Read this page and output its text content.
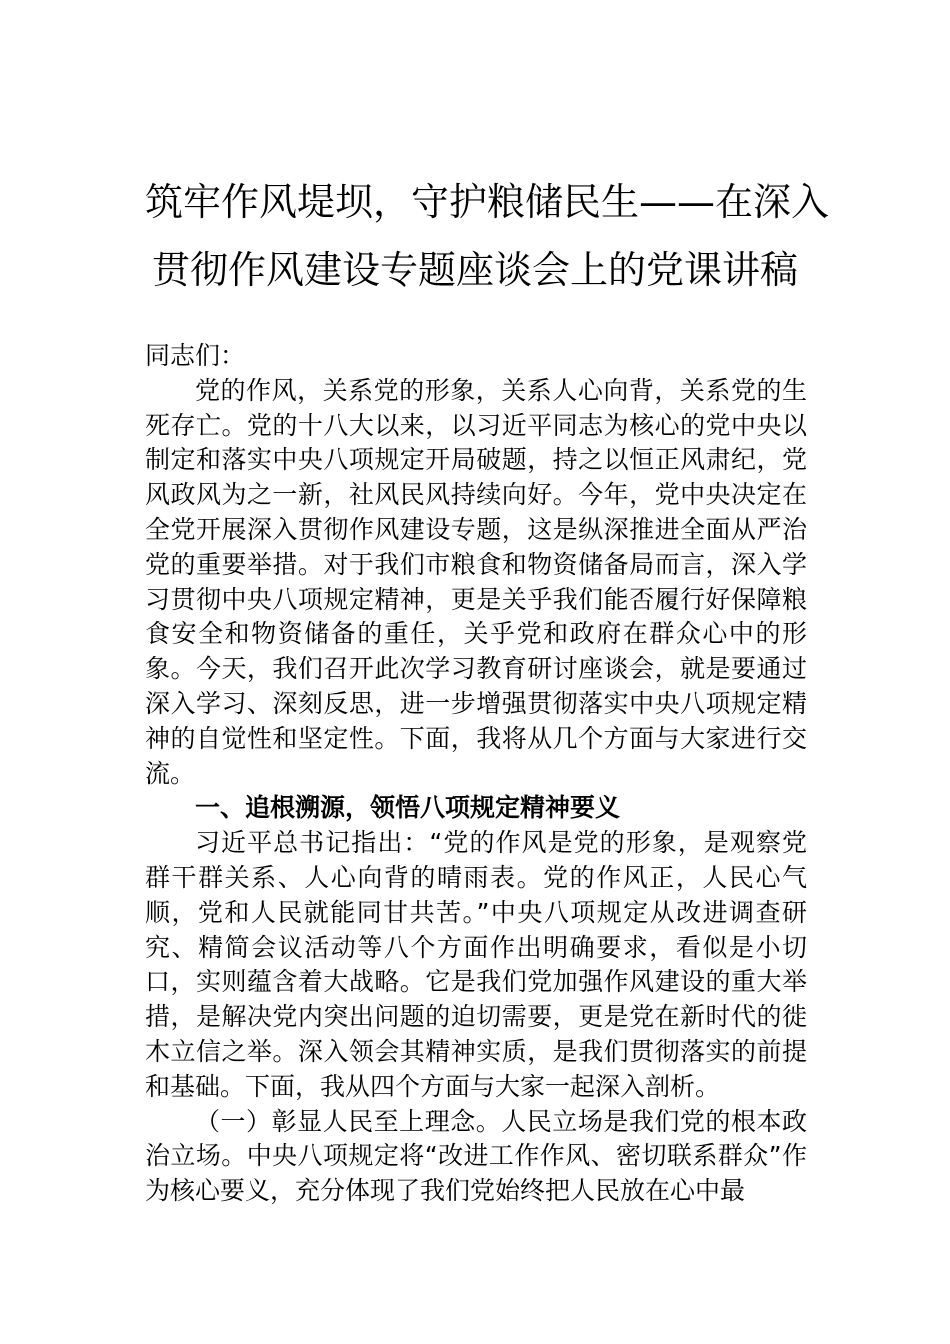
筑牢作风堤坝，守护粮储民生——在深入
贯彻作风建设专题座谈会上的党课讲稿

同志们：

党的作风，关系党的形象，关系人心向背，关系党的生死存亡。党的十八大以来，以习近平同志为核心的党中央以制定和落实中央八项规定开局破题，持之以恒正风肃纪，党风政风为之一新，社风民风持续向好。今年，党中央决定在全党开展深入贯彻作风建设专题，这是纵深推进全面从严治党的重要举措。对于我们市粮食和物资储备局而言，深入学习贯彻中央八项规定精神，更是关乎我们能否履行好保障粮食安全和物资储备的重任，关乎党和政府在群众心中的形象。今天，我们召开此次学习教育研讨座谈会，就是要通过深入学习、深刻反思，进一步增强贯彻落实中央八项规定精神的自觉性和坚定性。下面，我将从几个方面与大家进行交流。

一、追根溯源，领悟八项规定精神要义

习近平总书记指出：“党的作风是党的形象，是观察党群干群关系、人心向背的晴雨表。党的作风正，人民心气顺，党和人民就能同甘共苦。”中央八项规定从改进调查研究、精简会议活动等八个方面作出明确要求，看似是小切口，实则蕴含着大战略。它是我们党加强作风建设的重大举措，是解决党内突出问题的迫切需要，更是党在新时代的徙木立信之举。深入领会其精神实质，是我们贯彻落实的前提和基础。下面，我从四个方面与大家一起深入剖析。

（一）彰显人民至上理念。人民立场是我们党的根本政治立场。中央八项规定将“改进工作作风、密切联系群众”作为核心要义，充分体现了我们党始终把人民放在心中最
